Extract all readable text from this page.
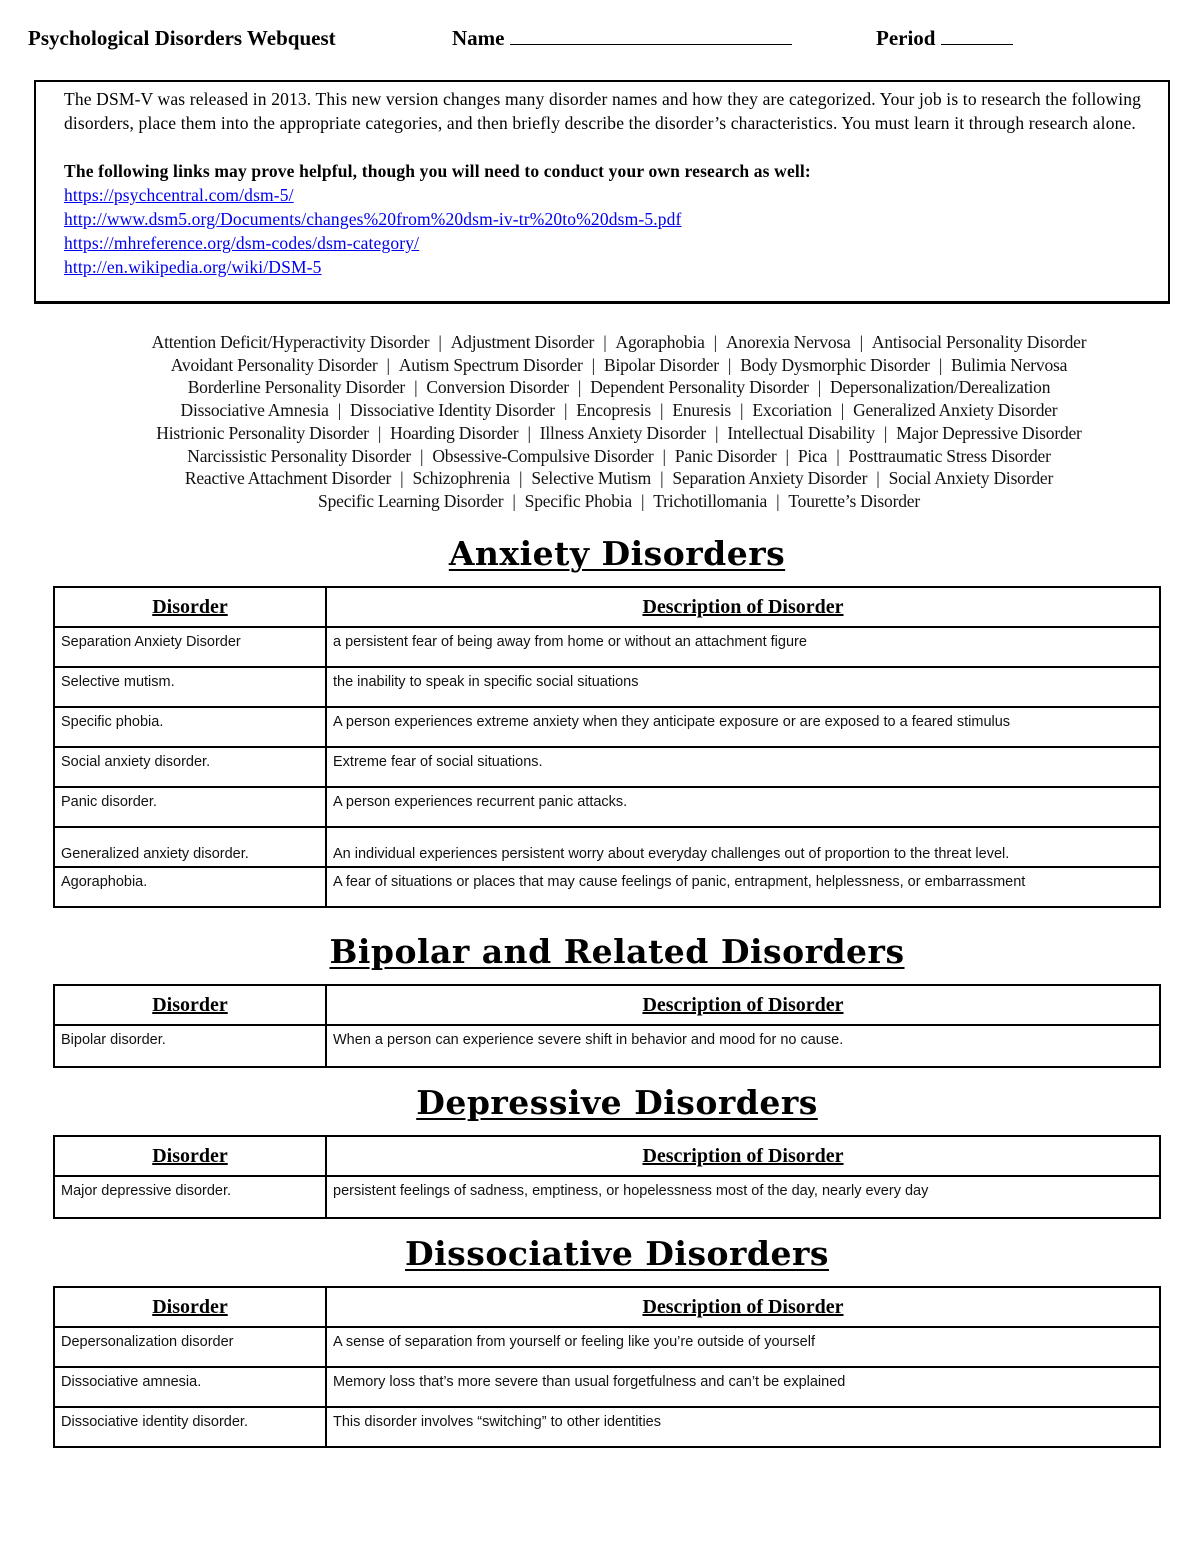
Psychological Disorders Webquest	Name	Period

The DSM-V was released in 2013. This new version changes many disorder names and how they are categorized. Your job is to research the following disorders, place them into the appropriate categories, and then briefly describe the disorder’s characteristics. You must learn it through research alone.

The following links may prove helpful, though you will need to conduct your own research as well:

https://psychcentral.com/dsm-5/
http://www.dsm5.org/Documents/changes%20from%20dsm-iv-tr%20to%20dsm-5.pdf
https://mhreference.org/dsm-codes/dsm-category/
http://en.wikipedia.org/wiki/DSM-5
Attention Deficit/Hyperactivity Disorder | Adjustment Disorder | Agoraphobia | Anorexia Nervosa | Antisocial Personality Disorder
Avoidant Personality Disorder | Autism Spectrum Disorder | Bipolar Disorder | Body Dysmorphic Disorder | Bulimia Nervosa
Borderline Personality Disorder | Conversion Disorder | Dependent Personality Disorder | Depersonalization/Derealization
Dissociative Amnesia | Dissociative Identity Disorder | Encopresis | Enuresis | Excoriation | Generalized Anxiety Disorder
Histrionic Personality Disorder | Hoarding Disorder | Illness Anxiety Disorder | Intellectual Disability | Major Depressive Disorder
Narcissistic Personality Disorder | Obsessive-Compulsive Disorder | Panic Disorder | Pica | Posttraumatic Stress Disorder
Reactive Attachment Disorder | Schizophrenia | Selective Mutism | Separation Anxiety Disorder | Social Anxiety Disorder
Specific Learning Disorder | Specific Phobia | Trichotillomania | Tourette’s Disorder
Anxiety Disorders
Disorder	Description of Disorder
Separation Anxiety Disorder	a persistent fear of being away from home or without an attachment figure
Selective mutism.	the inability to speak in specific social situations
Specific phobia.	A person experiences extreme anxiety when they anticipate exposure or are exposed to a feared stimulus
Social anxiety disorder.	Extreme fear of social situations.
Panic disorder.	A person experiences recurrent panic attacks.
Generalized anxiety disorder.	An individual experiences persistent worry about everyday challenges out of proportion to the threat level.
Agoraphobia.	A fear of situations or places that may cause feelings of panic, entrapment, helplessness, or embarrassment
Bipolar and Related Disorders
Disorder	Description of Disorder
Bipolar disorder.	When a person can experience severe shift in behavior and mood for no cause.
Depressive Disorders
Disorder	Description of Disorder
Major depressive disorder.	persistent feelings of sadness, emptiness, or hopelessness most of the day, nearly every day
Dissociative Disorders
Disorder	Description of Disorder
Depersonalization disorder	A sense of separation from yourself or feeling like you’re outside of yourself
Dissociative amnesia.	Memory loss that’s more severe than usual forgetfulness and can’t be explained
Dissociative identity disorder.	This disorder involves “switching” to other identities
